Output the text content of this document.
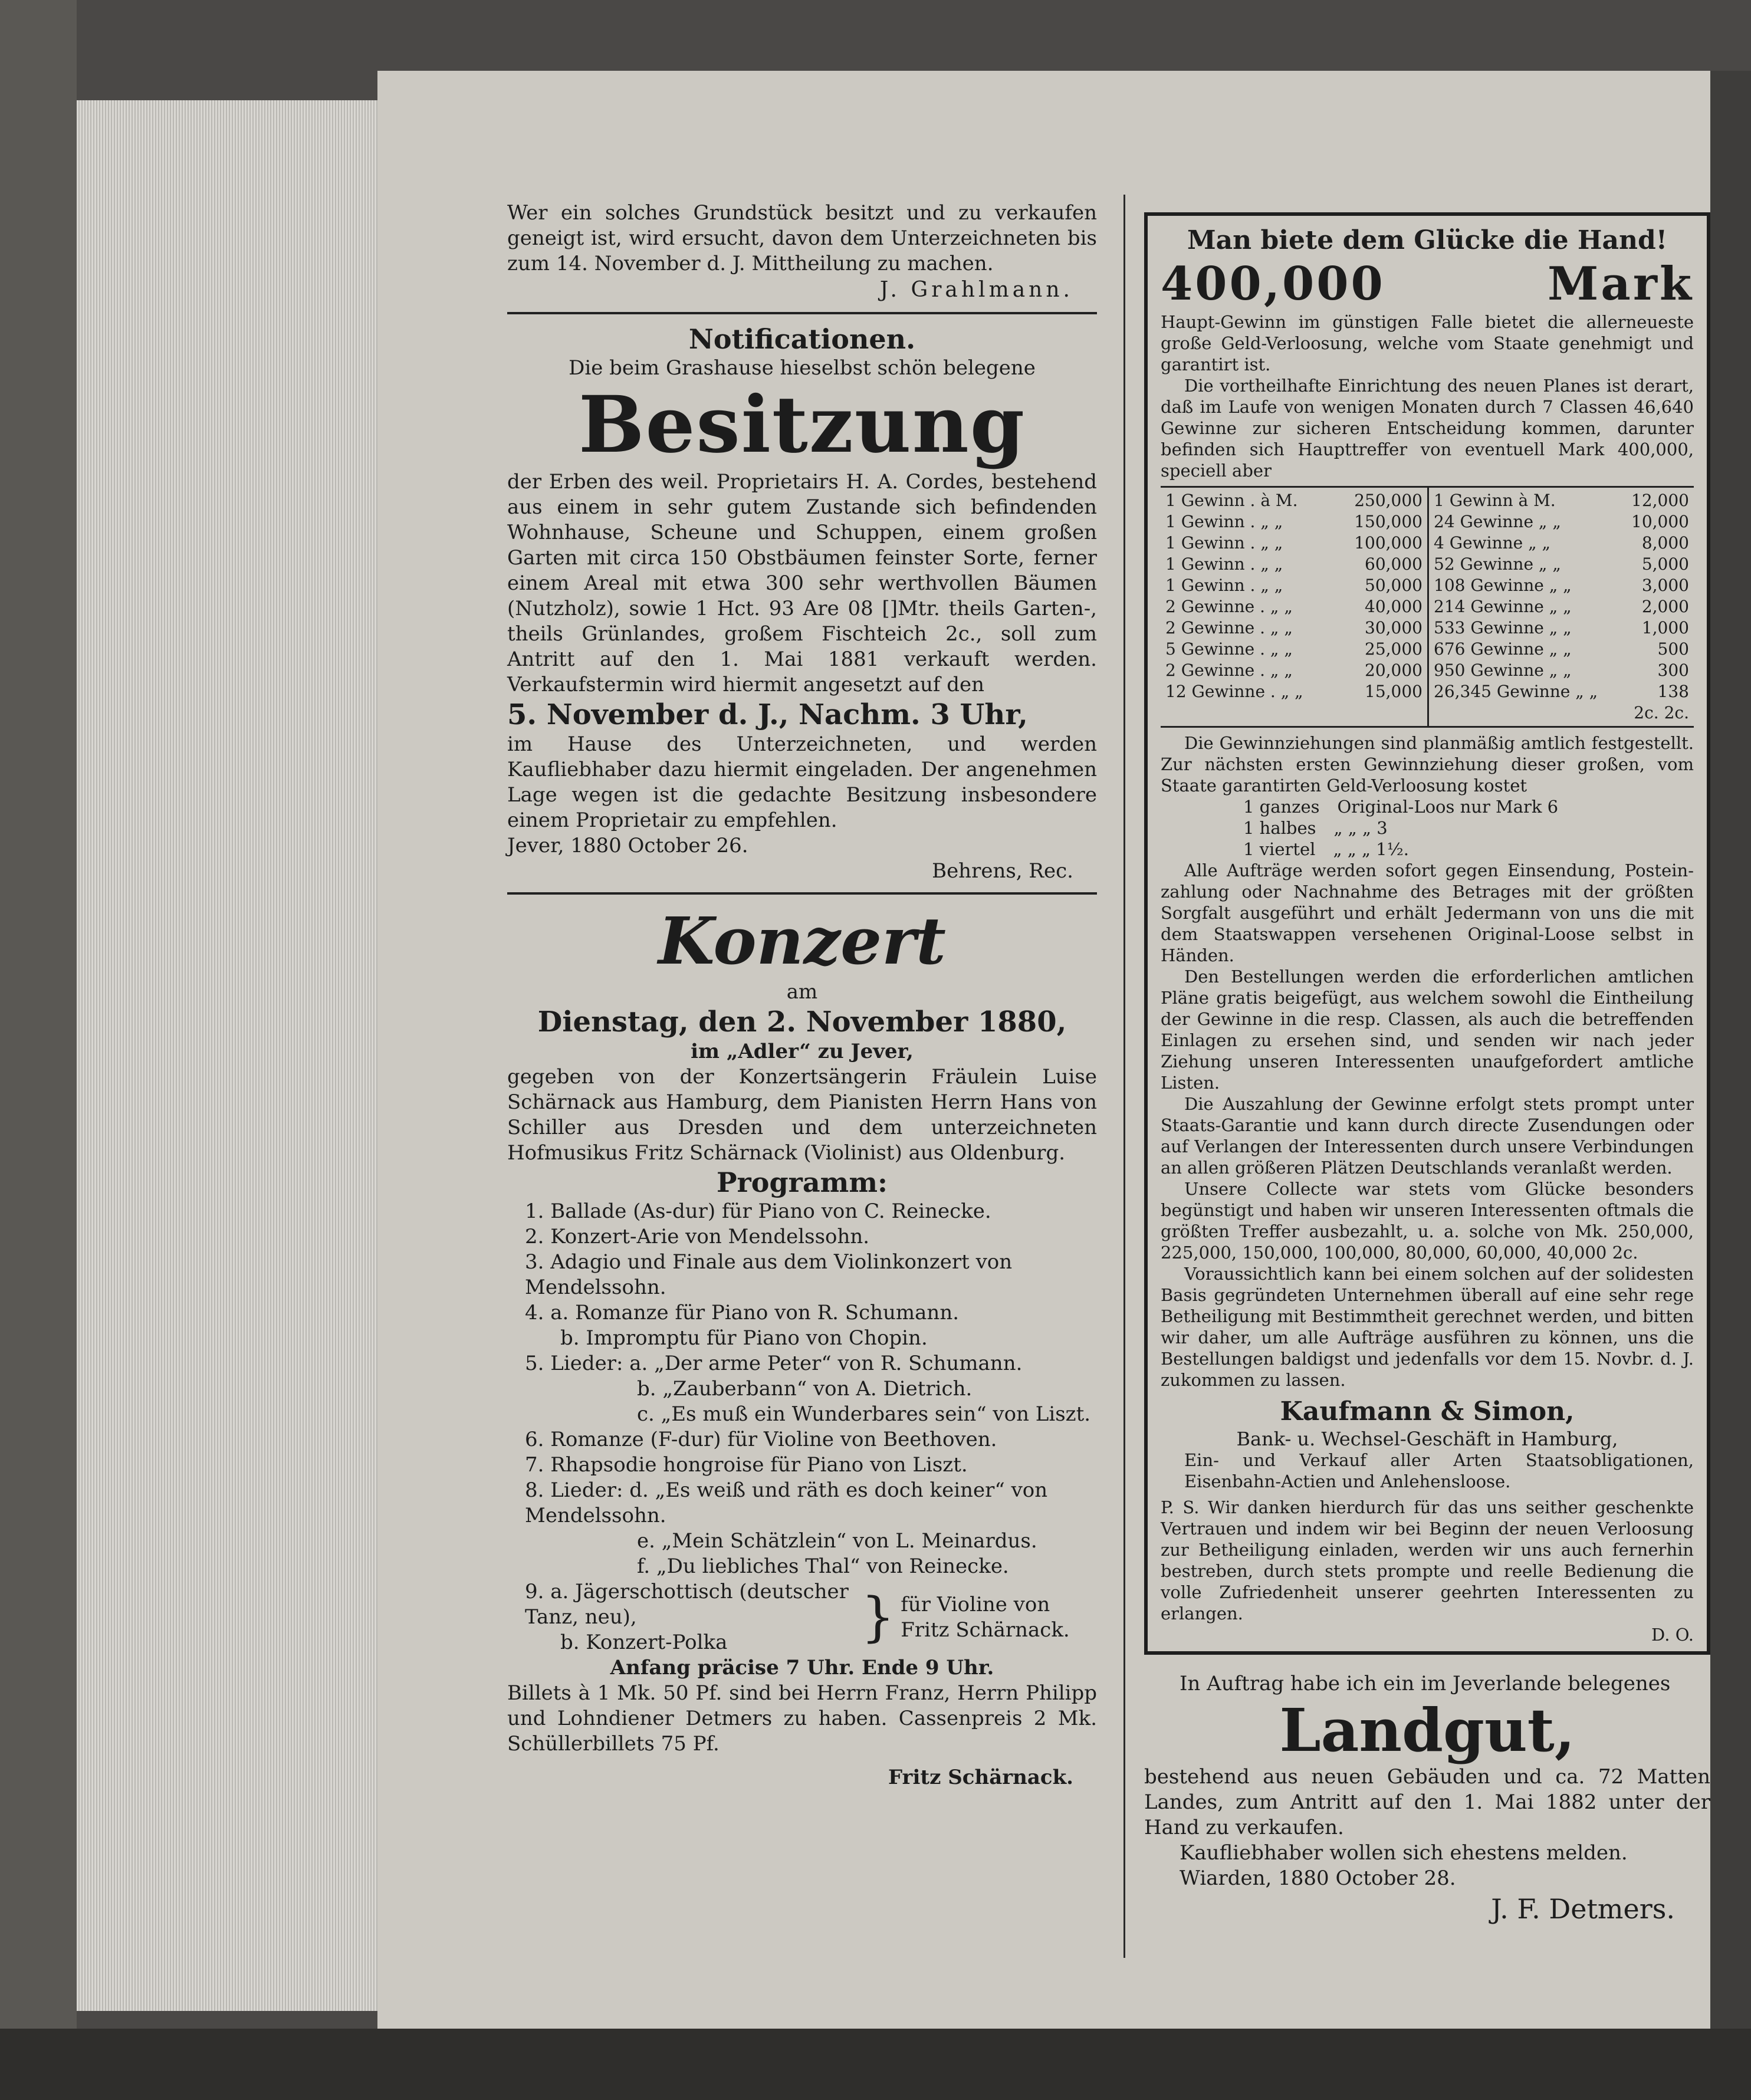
Wer ein solches Grundstück besitzt und zu verkaufen geneigt ist, wird ersucht, davon dem Unterzeichneten bis zum 14. November d. J. Mittheilung zu machen.

J. Grahlmann.

Notificationen.

Die beim Grashause hieselbst schön belegene

Besitzung

der Erben des weil. Proprietairs H. A. Cordes, bestehend aus einem in sehr gutem Zustande sich befindenden Wohnhause, Scheune und Schuppen, einem großen Garten mit circa 150 Obstbäumen feinster Sorte, ferner einem Areal mit etwa 300 sehr werthvollen Bäumen (Nutzholz), sowie 1 Hct. 93 Are 08 []Mtr. theils Garten-, theils Grünlandes, großem Fischteich 2c., soll zum Antritt auf den 1. Mai 1881 verkauft werden. Verkaufstermin wird hiermit angesetzt auf den

5. November d. J., Nachm. 3 Uhr,

im Hause des Unterzeichneten, und werden Kaufliebhaber dazu hiermit eingeladen. Der angenehmen Lage wegen ist die gedachte Besitzung insbesondere einem Proprietair zu empfehlen.

Jever, 1880 October 26.

Behrens, Rec.

Konzert

am

Dienstag, den 2. November 1880,

im „Adler“ zu Jever,

gegeben von der Konzertsängerin Fräulein Luise Schärnack aus Hamburg, dem Pianisten Herrn Hans von Schiller aus Dresden und dem unterzeichneten Hofmusikus Fritz Schärnack (Violinist) aus Oldenburg.

Programm:

1. Ballade (As-dur) für Piano von C. Reinecke.
2. Konzert-Arie von Mendelssohn.
3. Adagio und Finale aus dem Violinkonzert von Mendelssohn.
4. a. Romanze für Piano von R. Schumann.
b. Impromptu für Piano von Chopin.
5. Lieder: a. „Der arme Peter“ von R. Schumann.
b. „Zauberbann“ von A. Dietrich.
c. „Es muß ein Wunderbares sein“ von Liszt.
6. Romanze (F-dur) für Violine von Beethoven.
7. Rhapsodie hongroise für Piano von Liszt.
8. Lieder: d. „Es weiß und räth es doch keiner“ von Mendelssohn.
e. „Mein Schätzlein“ von L. Meinardus.
f. „Du liebliches Thal“ von Reinecke.
9. a. Jägerschottisch (deutscher Tanz, neu),
b. Konzert-Polka	} für Violine von Fritz Schärnack.

Anfang präcise 7 Uhr. Ende 9 Uhr.

Billets à 1 Mk. 50 Pf. sind bei Herrn Franz, Herrn Philipp und Lohndiener Detmers zu haben. Cassenpreis 2 Mk. Schüllerbillets 75 Pf.

Fritz Schärnack.

Man biete dem Glücke die Hand!

400,000	Mark

Haupt-Gewinn im günstigen Falle bietet die allerneueste große Geld-Verloosung, welche vom Staate genehmigt und garantirt ist.

Die vortheilhafte Einrichtung des neuen Planes ist derart, daß im Laufe von wenigen Monaten durch 7 Classen 46,640 Gewinne zur sicheren Entscheidung kommen, darunter befinden sich Haupttreffer von eventuell Mark 400,000, speciell aber

1 Gewinn . à M.	250,000
1 Gewinn . „ „	150,000
1 Gewinn . „ „	100,000
1 Gewinn . „ „	60,000
1 Gewinn . „ „	50,000
2 Gewinne . „ „	40,000
2 Gewinne . „ „	30,000
5 Gewinne . „ „	25,000
2 Gewinne . „ „	20,000
12 Gewinne . „ „	15,000
1 Gewinn à M.	12,000
24 Gewinne „ „	10,000
4 Gewinne „ „	8,000
52 Gewinne „ „	5,000
108 Gewinne „ „	3,000
214 Gewinne „ „	2,000
533 Gewinne „ „	1,000
676 Gewinne „ „	500
950 Gewinne „ „	300
26,345 Gewinne „ „	138
2c. 2c.

Die Gewinnziehungen sind planmäßig amtlich festgestellt. Zur nächsten ersten Gewinnziehung dieser großen, vom Staate garantirten Geld-Verloosung kostet

1 ganzes Original-Loos nur Mark 6
1 halbes „ „ „ 3
1 viertel „ „ „ 1½.

Alle Aufträge werden sofort gegen Einsendung, Postein-zahlung oder Nachnahme des Betrages mit der größten Sorgfalt ausgeführt und erhält Jedermann von uns die mit dem Staatswappen versehenen Original-Loose selbst in Händen.

Den Bestellungen werden die erforderlichen amtlichen Pläne gratis beigefügt, aus welchem sowohl die Eintheilung der Gewinne in die resp. Classen, als auch die betreffenden Einlagen zu ersehen sind, und senden wir nach jeder Ziehung unseren Interessenten unaufgefordert amtliche Listen.

Die Auszahlung der Gewinne erfolgt stets prompt unter Staats-Garantie und kann durch directe Zusendungen oder auf Verlangen der Interessenten durch unsere Verbindungen an allen größeren Plätzen Deutschlands veranlaßt werden.

Unsere Collecte war stets vom Glücke besonders begünstigt und haben wir unseren Interessenten oftmals die größten Treffer ausbezahlt, u. a. solche von Mk. 250,000, 225,000, 150,000, 100,000, 80,000, 60,000, 40,000 2c.

Voraussichtlich kann bei einem solchen auf der solidesten Basis gegründeten Unternehmen überall auf eine sehr rege Betheiligung mit Bestimmtheit gerechnet werden, und bitten wir daher, um alle Aufträge ausführen zu können, uns die Bestellungen baldigst und jedenfalls vor dem 15. Novbr. d. J. zukommen zu lassen.

Kaufmann & Simon,

Bank- u. Wechsel-Geschäft in Hamburg,

Ein- und Verkauf aller Arten Staatsobligationen, Eisenbahn-Actien und Anlehensloose.

P. S. Wir danken hierdurch für das uns seither geschenkte Vertrauen und indem wir bei Beginn der neuen Verloosung zur Betheiligung einladen, werden wir uns auch fernerhin bestreben, durch stets prompte und reelle Bedienung die volle Zufriedenheit unserer geehrten Interessenten zu erlangen.

D. O.

In Auftrag habe ich ein im Jeverlande belegenes

Landgut,

bestehend aus neuen Gebäuden und ca. 72 Matten Landes, zum Antritt auf den 1. Mai 1882 unter der Hand zu verkaufen.

Kaufliebhaber wollen sich ehestens melden.

Wiarden, 1880 October 28.

J. F. Detmers.
